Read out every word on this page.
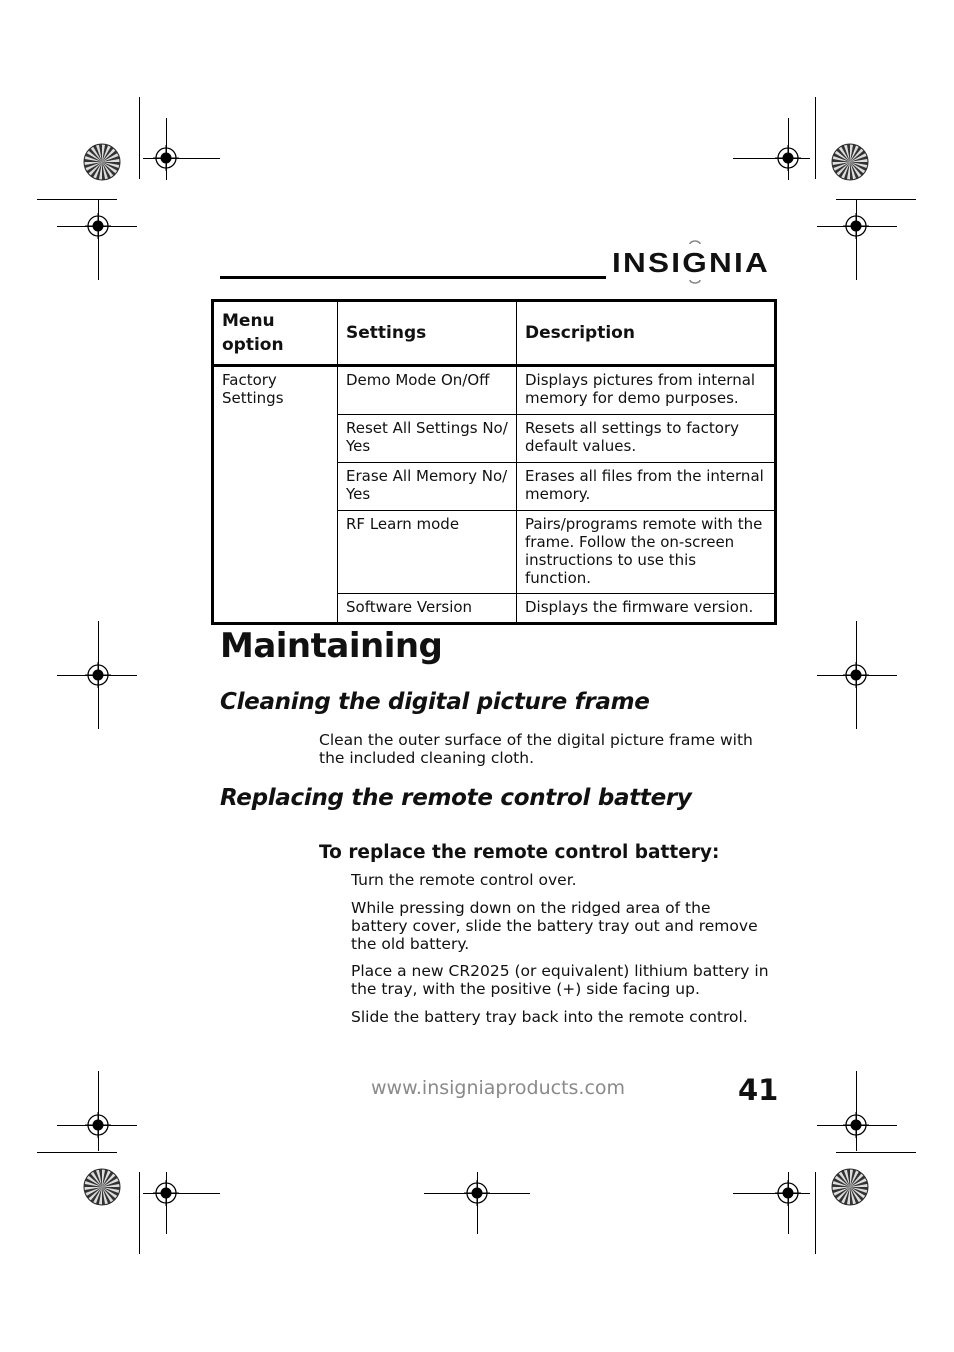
INSIGNIA
Menu option	Settings	Description
Factory Settings	Demo Mode On/Off	Displays pictures from internal memory for demo purposes.
	Reset All Settings No/ Yes	Resets all settings to factory default values.
	Erase All Memory No/ Yes	Erases all files from the internal memory.
	RF Learn mode	Pairs/programs remote with the frame. Follow the on-screen instructions to use this function.
	Software Version	Displays the firmware version.
Maintaining
Cleaning the digital picture frame
Clean the outer surface of the digital picture frame with the included cleaning cloth.
Replacing the remote control battery
To replace the remote control battery:
Turn the remote control over.
While pressing down on the ridged area of the battery cover, slide the battery tray out and remove the old battery.
Place a new CR2025 (or equivalent) lithium battery in the tray, with the positive (+) side facing up.
Slide the battery tray back into the remote control.
www.insigniaproducts.com	41
